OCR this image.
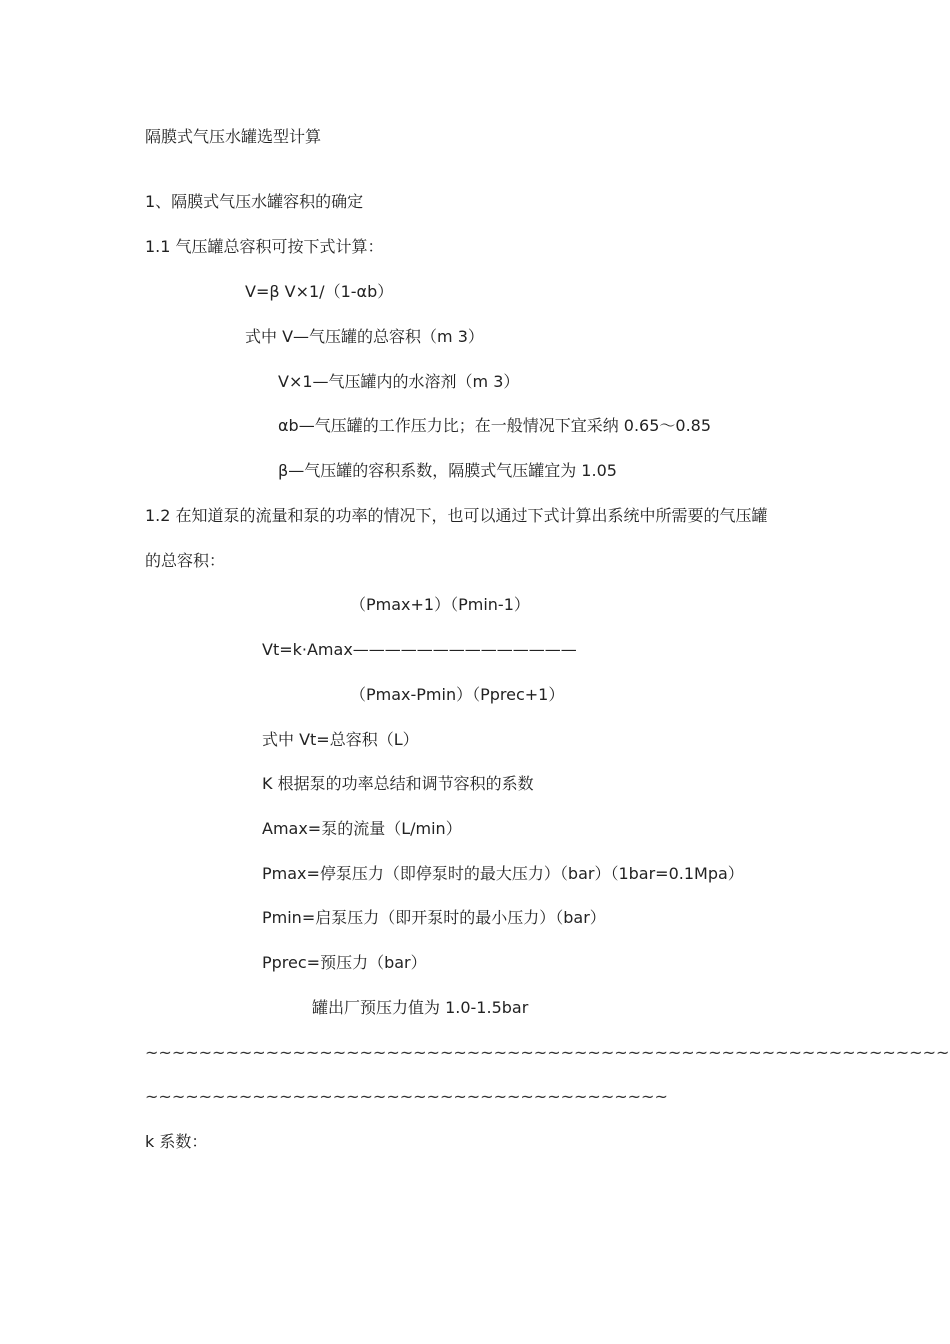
隔膜式气压水罐选型计算
1、隔膜式气压水罐容积的确定
1.1 气压罐总容积可按下式计算：
V=β V×1/（1-αb）
式中 V—气压罐的总容积（m 3）
V×1—气压罐内的水溶剂（m 3）
αb—气压罐的工作压力比；在一般情况下宜采纳 0.65～0.85
β—气压罐的容积系数，隔膜式气压罐宜为 1.05
1.2 在知道泵的流量和泵的功率的情况下，也可以通过下式计算出系统中所需要的气压罐
的总容积：
（Pmax+1）（Pmin-1）
Vt=k·Amax——————————————
（Pmax-Pmin）（Pprec+1）
式中 Vt=总容积（L）
K 根据泵的功率总结和调节容积的系数
Amax=泵的流量（L/min）
Pmax=停泵压力（即停泵时的最大压力）（bar）（1bar=0.1Mpa）
Pmin=启泵压力（即开泵时的最小压力）（bar）
Pprec=预压力（bar）
罐出厂预压力值为 1.0-1.5bar
~~~~~~~~~~~~~~~~~~~~~~~~~~~~~~~~~~~~~~~~~~~~~~~~~~~~~~~~~~~~
~~~~~~~~~~~~~~~~~~~~~~~~~~~~~~~~~~~~~~~
k 系数：
